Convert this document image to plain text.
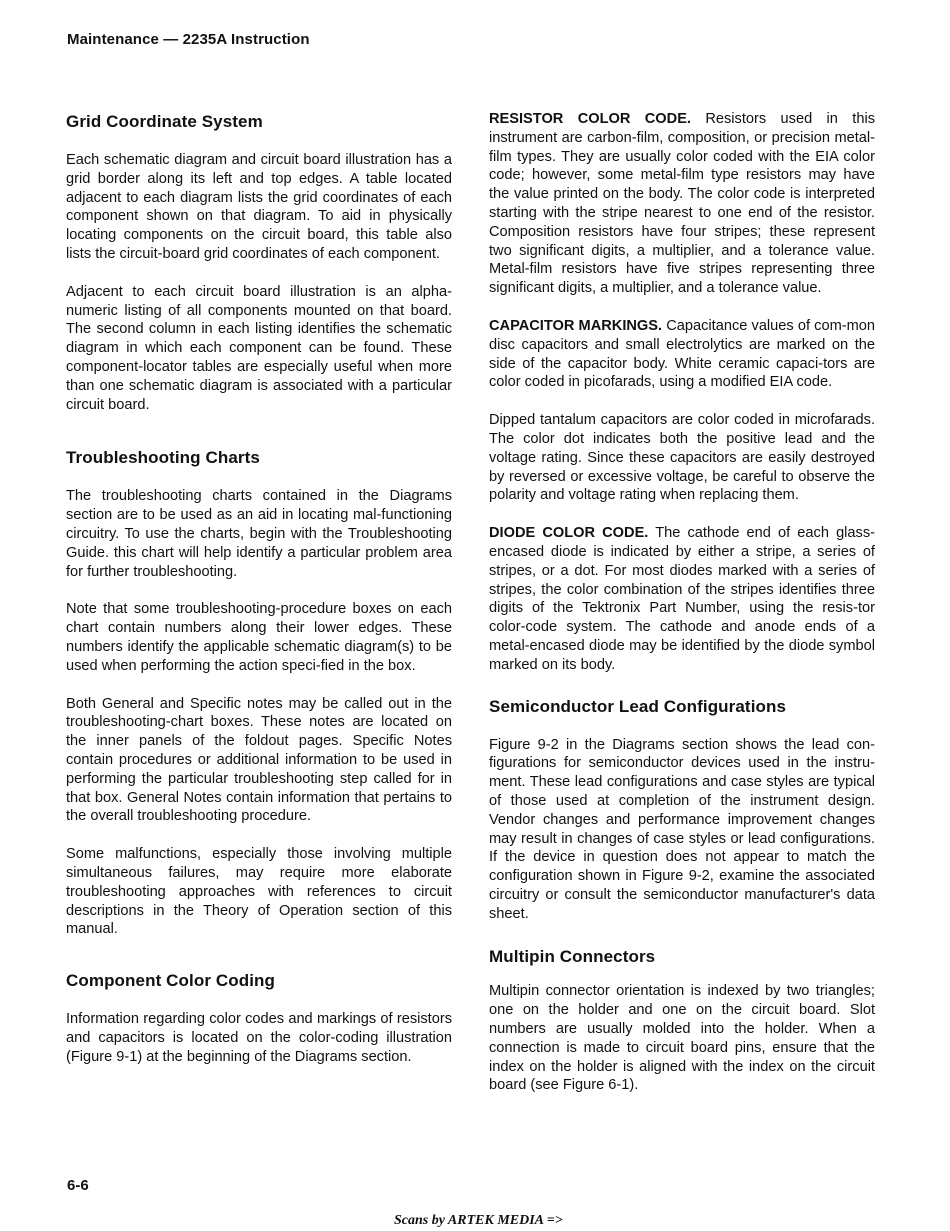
Maintenance — 2235A Instruction
Grid Coordinate System

Each schematic diagram and circuit board illustration has a grid border along its left and top edges. A table located adjacent to each diagram lists the grid coordinates of each component shown on that diagram. To aid in physically locating components on the circuit board, this table also lists the circuit-board grid coordinates of each component.

Adjacent to each circuit board illustration is an alpha-numeric listing of all components mounted on that board. The second column in each listing identifies the schematic diagram in which each component can be found. These component-locator tables are especially useful when more than one schematic diagram is associated with a particular circuit board.

Troubleshooting Charts

The troubleshooting charts contained in the Diagrams section are to be used as an aid in locating mal-functioning circuitry. To use the charts, begin with the Troubleshooting Guide. this chart will help identify a particular problem area for further troubleshooting.

Note that some troubleshooting-procedure boxes on each chart contain numbers along their lower edges. These numbers identify the applicable schematic diagram(s) to be used when performing the action speci-fied in the box.

Both General and Specific notes may be called out in the troubleshooting-chart boxes. These notes are located on the inner panels of the foldout pages. Specific Notes contain procedures or additional information to be used in performing the particular troubleshooting step called for in that box. General Notes contain information that pertains to the overall troubleshooting procedure.

Some malfunctions, especially those involving multiple simultaneous failures, may require more elaborate troubleshooting approaches with references to circuit descriptions in the Theory of Operation section of this manual.

Component Color Coding

Information regarding color codes and markings of resistors and capacitors is located on the color-coding illustration (Figure 9-1) at the beginning of the Diagrams section.

RESISTOR COLOR CODE. Resistors used in this instrument are carbon-film, composition, or precision metal-film types. They are usually color coded with the EIA color code; however, some metal-film type resistors may have the value printed on the body. The color code is interpreted starting with the stripe nearest to one end of the resistor. Composition resistors have four stripes; these represent two significant digits, a multiplier, and a tolerance value. Metal-film resistors have five stripes representing three significant digits, a multiplier, and a tolerance value.

CAPACITOR MARKINGS. Capacitance values of com-mon disc capacitors and small electrolytics are marked on the side of the capacitor body. White ceramic capaci-tors are color coded in picofarads, using a modified EIA code.

Dipped tantalum capacitors are color coded in microfarads. The color dot indicates both the positive lead and the voltage rating. Since these capacitors are easily destroyed by reversed or excessive voltage, be careful to observe the polarity and voltage rating when replacing them.

DIODE COLOR CODE. The cathode end of each glass-encased diode is indicated by either a stripe, a series of stripes, or a dot. For most diodes marked with a series of stripes, the color combination of the stripes identifies three digits of the Tektronix Part Number, using the resis-tor color-code system. The cathode and anode ends of a metal-encased diode may be identified by the diode symbol marked on its body.

Semiconductor Lead Configurations

Figure 9-2 in the Diagrams section shows the lead con-figurations for semiconductor devices used in the instru-ment. These lead configurations and case styles are typical of those used at completion of the instrument design. Vendor changes and performance improvement changes may result in changes of case styles or lead configurations. If the device in question does not appear to match the configuration shown in Figure 9-2, examine the associated circuitry or consult the semiconductor manufacturer's data sheet.

Multipin Connectors

Multipin connector orientation is indexed by two triangles; one on the holder and one on the circuit board. Slot numbers are usually molded into the holder. When a connection is made to circuit board pins, ensure that the index on the holder is aligned with the index on the circuit board (see Figure 6-1).

6-6
Scans by ARTEK MEDIA =>
